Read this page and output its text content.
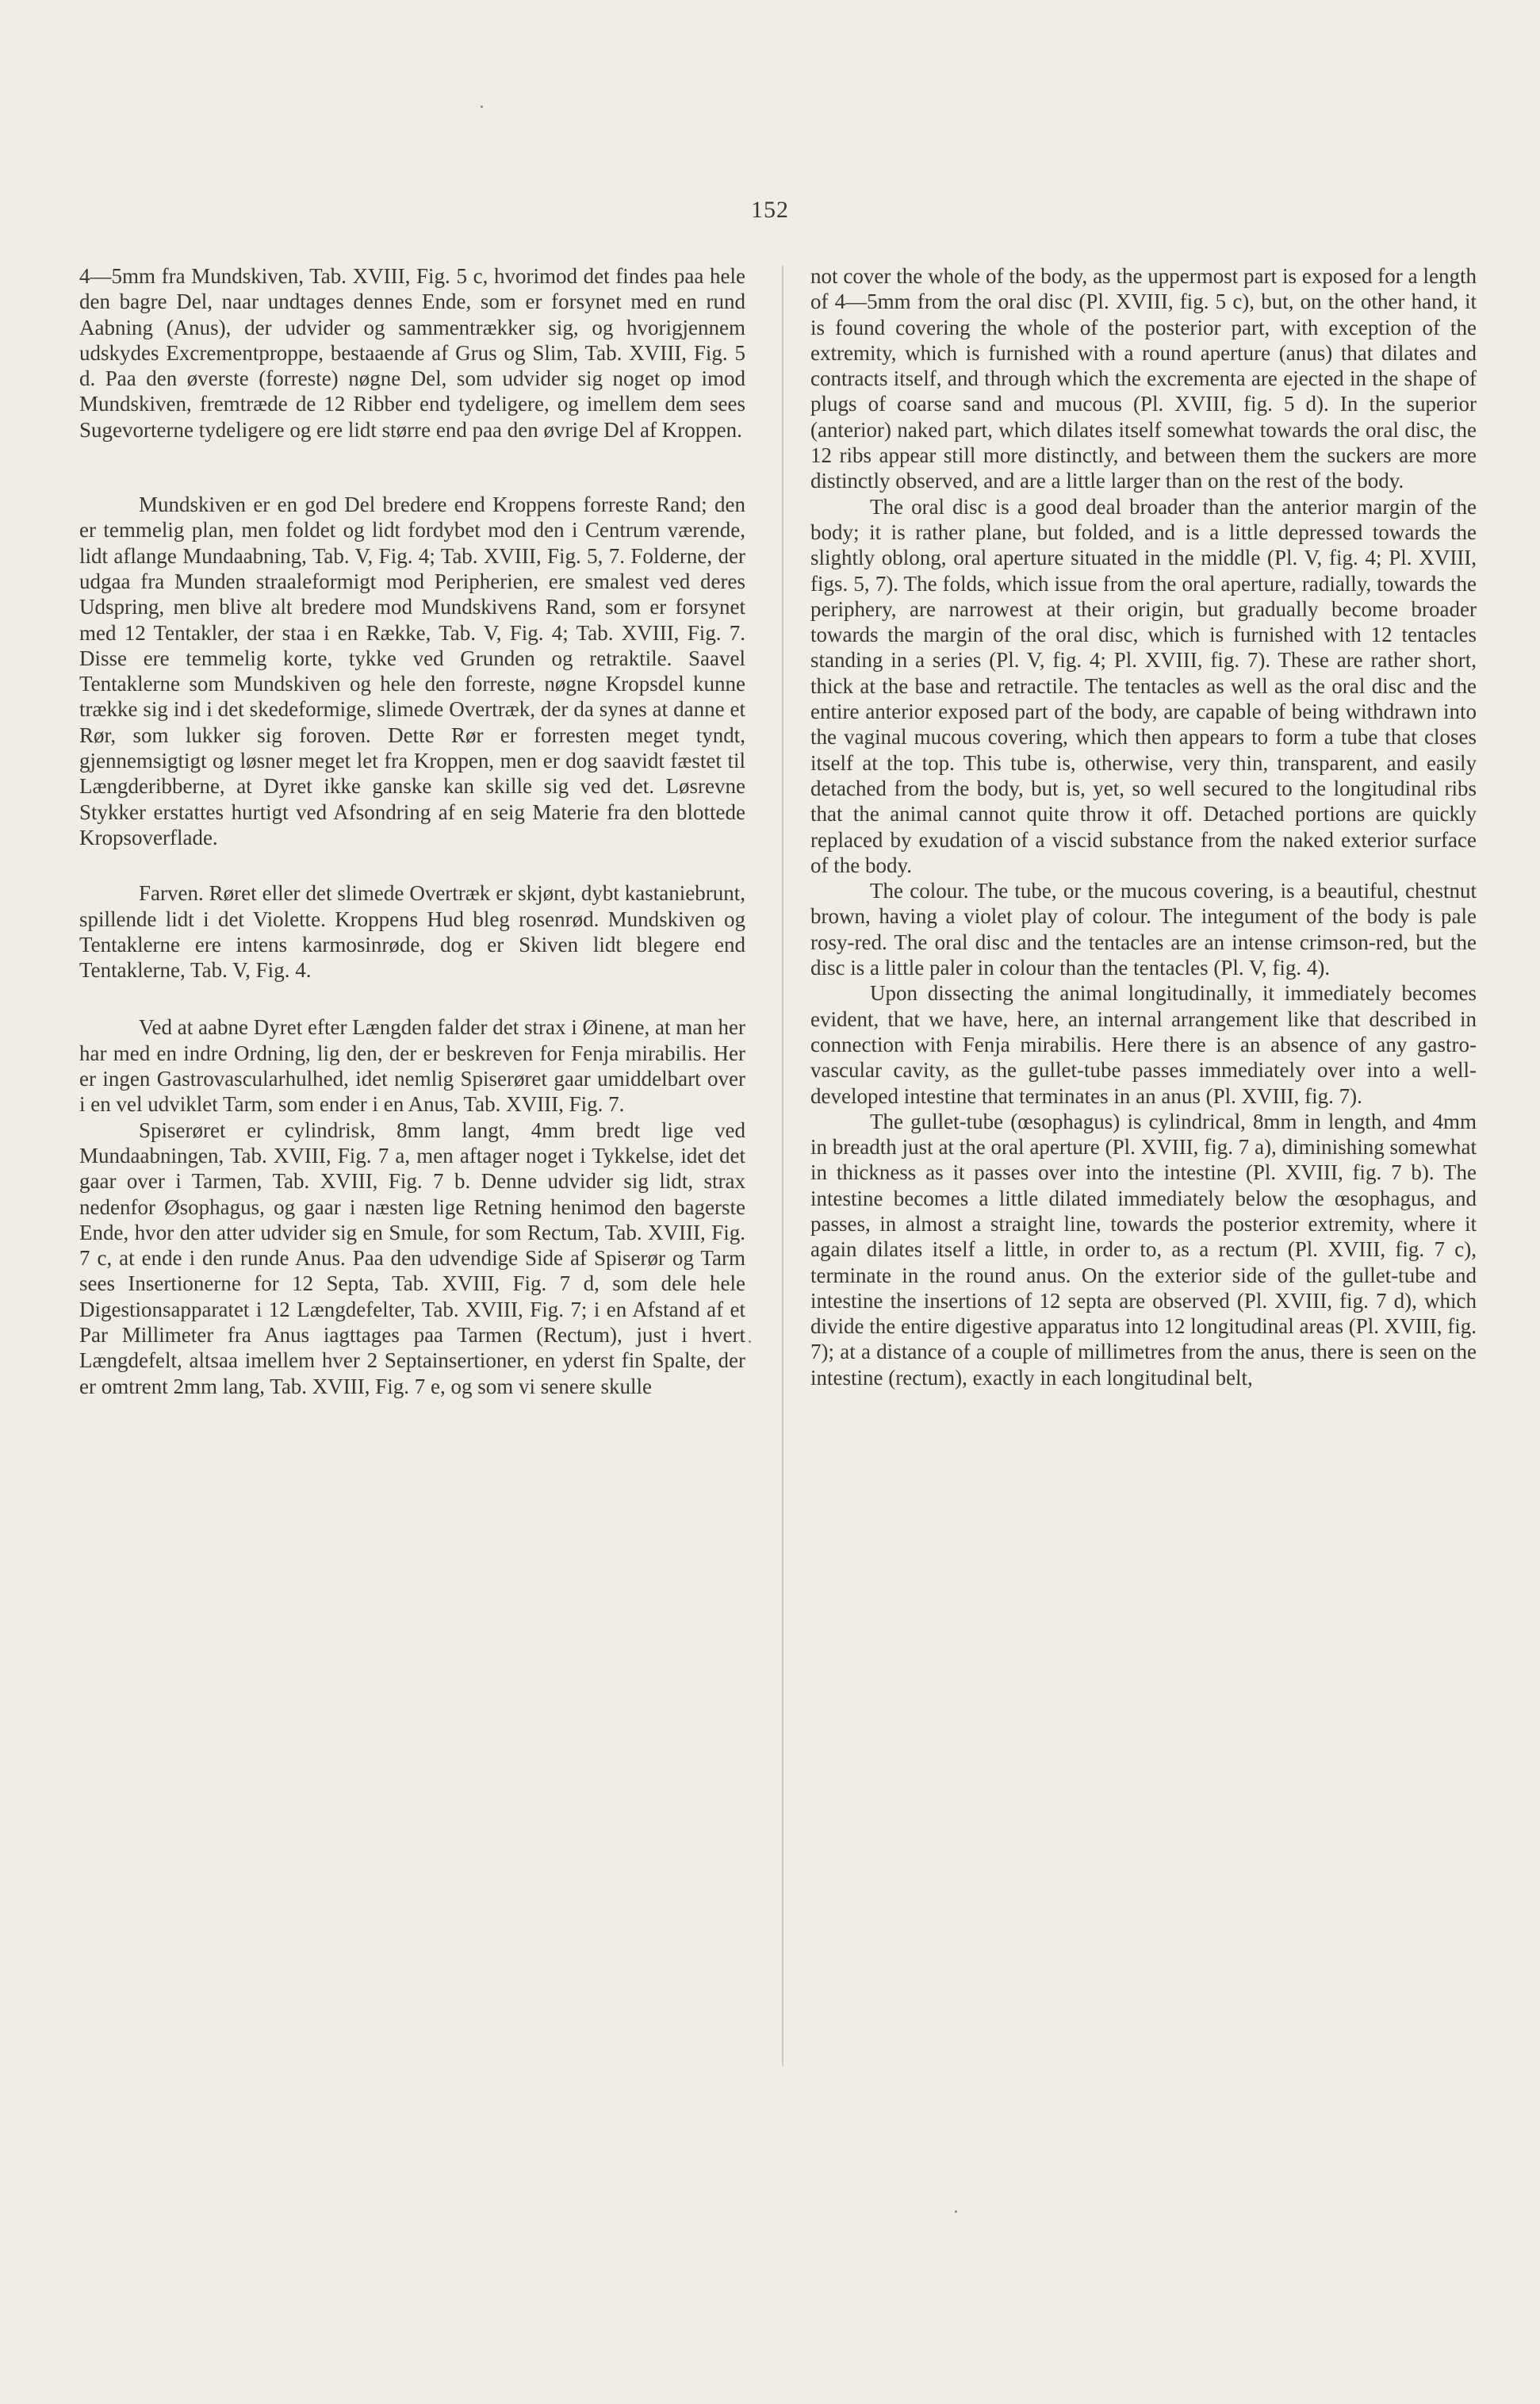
152

4—5mm fra Mundskiven, Tab. XVIII, Fig. 5 c, hvorimod det findes paa hele den bagre Del, naar undtages dennes Ende, som er forsynet med en rund Aabning (Anus), der udvider og sammentrækker sig, og hvorigjennem udskydes Excrementproppe, bestaaende af Grus og Slim, Tab. XVIII, Fig. 5 d. Paa den øverste (forreste) nøgne Del, som udvider sig noget op imod Mundskiven, fremtræde de 12 Ribber end tydeligere, og imellem dem sees Sugevorterne tydeligere og ere lidt større end paa den øvrige Del af Kroppen.

Mundskiven er en god Del bredere end Kroppens forreste Rand; den er temmelig plan, men foldet og lidt fordybet mod den i Centrum værende, lidt aflange Mundaabning, Tab. V, Fig. 4; Tab. XVIII, Fig. 5, 7. Folderne, der udgaa fra Munden straaleformigt mod Peripherien, ere smalest ved deres Udspring, men blive alt bredere mod Mundskivens Rand, som er forsynet med 12 Tentakler, der staa i en Række, Tab. V, Fig. 4; Tab. XVIII, Fig. 7. Disse ere temmelig korte, tykke ved Grunden og retraktile. Saavel Tentaklerne som Mundskiven og hele den forreste, nøgne Kropsdel kunne trække sig ind i det skedeformige, slimede Overtræk, der da synes at danne et Rør, som lukker sig foroven. Dette Rør er forresten meget tyndt, gjennemsigtigt og løsner meget let fra Kroppen, men er dog saavidt fæstet til Længderibberne, at Dyret ikke ganske kan skille sig ved det. Løsrevne Stykker erstattes hurtigt ved Afsondring af en seig Materie fra den blottede Kropsoverflade.

Farven. Røret eller det slimede Overtræk er skjønt, dybt kastaniebrunt, spillende lidt i det Violette. Kroppens Hud bleg rosenrød. Mundskiven og Tentaklerne ere intens karmosinrøde, dog er Skiven lidt blegere end Tentaklerne, Tab. V, Fig. 4.

Ved at aabne Dyret efter Længden falder det strax i Øinene, at man her har med en indre Ordning, lig den, der er beskreven for Fenja mirabilis. Her er ingen Gastrovascularhulhed, idet nemlig Spiserøret gaar umiddelbart over i en vel udviklet Tarm, som ender i en Anus, Tab. XVIII, Fig. 7.

Spiserøret er cylindrisk, 8mm langt, 4mm bredt lige ved Mundaabningen, Tab. XVIII, Fig. 7 a, men aftager noget i Tykkelse, idet det gaar over i Tarmen, Tab. XVIII, Fig. 7 b. Denne udvider sig lidt, strax nedenfor Øsophagus, og gaar i næsten lige Retning henimod den bagerste Ende, hvor den atter udvider sig en Smule, for som Rectum, Tab. XVIII, Fig. 7 c, at ende i den runde Anus. Paa den udvendige Side af Spiserør og Tarm sees Insertionerne for 12 Septa, Tab. XVIII, Fig. 7 d, som dele hele Digestionsapparatet i 12 Længdefelter, Tab. XVIII, Fig. 7; i en Afstand af et Par Millimeter fra Anus iagttages paa Tarmen (Rectum), just i hvert Længdefelt, altsaa imellem hver 2 Septainsertioner, en yderst fin Spalte, der er omtrent 2mm lang, Tab. XVIII, Fig. 7 e, og som vi senere skulle

not cover the whole of the body, as the uppermost part is exposed for a length of 4—5mm from the oral disc (Pl. XVIII, fig. 5 c), but, on the other hand, it is found covering the whole of the posterior part, with exception of the extremity, which is furnished with a round aperture (anus) that dilates and contracts itself, and through which the excrementa are ejected in the shape of plugs of coarse sand and mucous (Pl. XVIII, fig. 5 d). In the superior (anterior) naked part, which dilates itself somewhat towards the oral disc, the 12 ribs appear still more distinctly, and between them the suckers are more distinctly observed, and are a little larger than on the rest of the body.

The oral disc is a good deal broader than the anterior margin of the body; it is rather plane, but folded, and is a little depressed towards the slightly oblong, oral aperture situated in the middle (Pl. V, fig. 4; Pl. XVIII, figs. 5, 7). The folds, which issue from the oral aperture, radially, towards the periphery, are narrowest at their origin, but gradually become broader towards the margin of the oral disc, which is furnished with 12 tentacles standing in a series (Pl. V, fig. 4; Pl. XVIII, fig. 7). These are rather short, thick at the base and retractile. The tentacles as well as the oral disc and the entire anterior exposed part of the body, are capable of being withdrawn into the vaginal mucous covering, which then appears to form a tube that closes itself at the top. This tube is, otherwise, very thin, transparent, and easily detached from the body, but is, yet, so well secured to the longitudinal ribs that the animal cannot quite throw it off. Detached portions are quickly replaced by exudation of a viscid substance from the naked exterior surface of the body.

The colour. The tube, or the mucous covering, is a beautiful, chestnut brown, having a violet play of colour. The integument of the body is pale rosy-red. The oral disc and the tentacles are an intense crimson-red, but the disc is a little paler in colour than the tentacles (Pl. V, fig. 4).

Upon dissecting the animal longitudinally, it immediately becomes evident, that we have, here, an internal arrangement like that described in connection with Fenja mirabilis. Here there is an absence of any gastro-vascular cavity, as the gullet-tube passes immediately over into a well-developed intestine that terminates in an anus (Pl. XVIII, fig. 7).

The gullet-tube (œsophagus) is cylindrical, 8mm in length, and 4mm in breadth just at the oral aperture (Pl. XVIII, fig. 7 a), diminishing somewhat in thickness as it passes over into the intestine (Pl. XVIII, fig. 7 b). The intestine becomes a little dilated immediately below the œsophagus, and passes, in almost a straight line, towards the posterior extremity, where it again dilates itself a little, in order to, as a rectum (Pl. XVIII, fig. 7 c), terminate in the round anus. On the exterior side of the gullet-tube and intestine the insertions of 12 septa are observed (Pl. XVIII, fig. 7 d), which divide the entire digestive apparatus into 12 longitudinal areas (Pl. XVIII, fig. 7); at a distance of a couple of millimetres from the anus, there is seen on the intestine (rectum), exactly in each longitudinal belt,
